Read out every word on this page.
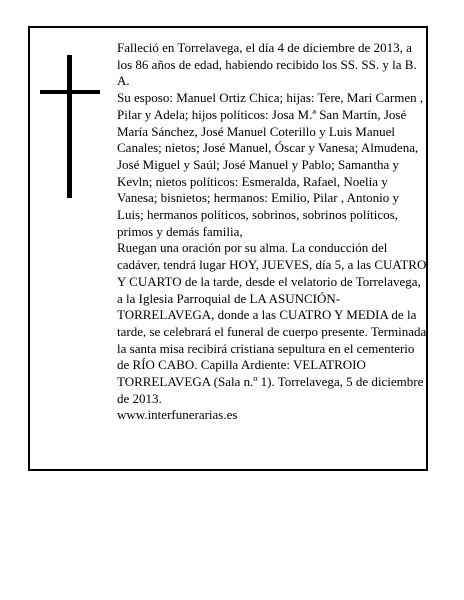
Falleció en Torrelavega, el día 4 de diciembre de 2013, a los 86 años de edad, habiendo recibido los SS. SS. y la B. A.

Su esposo: Manuel Ortiz Chica; hijas: Tere, Mari Carmen , Pilar y Adela; hijos políticos: Josa M.ª San Martín, José María Sánchez, José Manuel Coterillo y Luis Manuel Canales; nietos; José Manuel, Óscar y Vanesa; Almudena, José Miguel y Saúl; José Manuel y Pablo; Samantha y Kevln; nietos políticos: Esmeralda, Rafael, Noelia y Vanesa; bisnietos; hermanos: Emilio, Pilar , Antonio y Luis; hermanos políticos, sobrinos, sobrinos políticos, primos y demás familia,

Ruegan una oración por su alma. La conducción del cadáver, tendrá lugar HOY, JUEVES, día 5, a las CUATRO Y CUARTO de la tarde, desde el velatorio de Torrelavega, a la Iglesia Parroquial de LA ASUNCIÓN-TORRELAVEGA, donde a las CUATRO Y MEDIA de la tarde, se celebrará el funeral de cuerpo presente. Terminada la santa misa recibirá cristiana sepultura en el cementerio de RÍO CABO. Capilla Ardiente: VELATROIO TORRELAVEGA (Sala n.º 1). Torrelavega, 5 de diciembre de 2013.

www.interfunerarias.es
